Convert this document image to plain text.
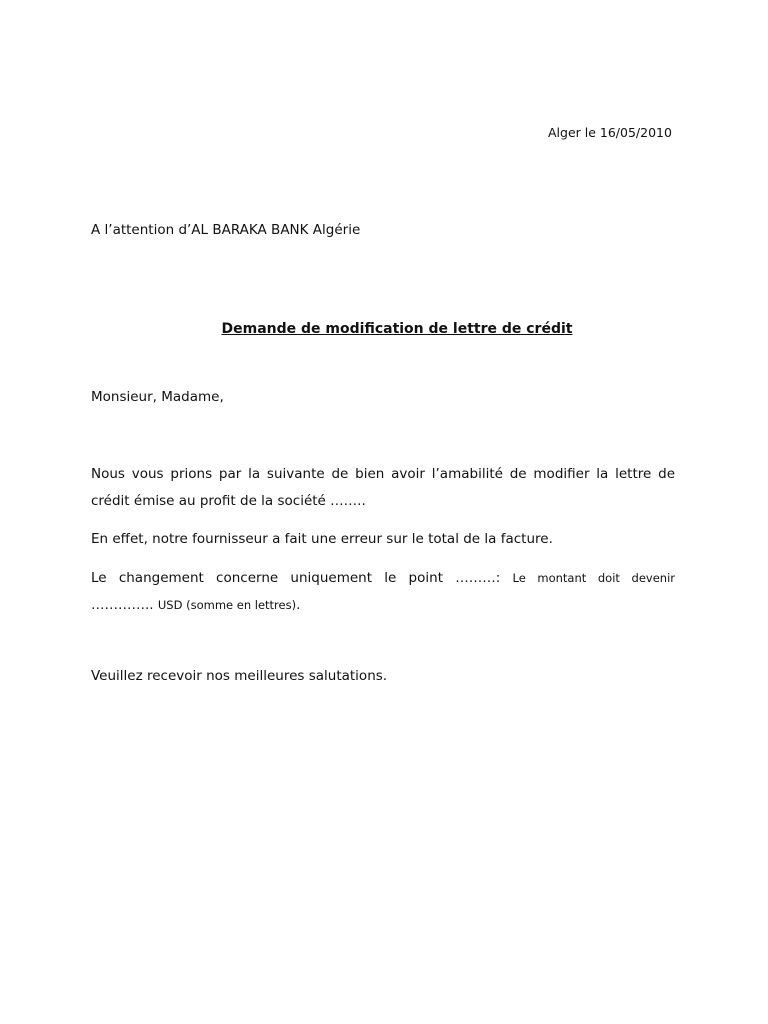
Alger le 16/05/2010
A l’attention d’AL BARAKA BANK Algérie
Demande de modification de lettre de crédit
Monsieur, Madame,
Nous vous prions par la suivante de bien avoir l’amabilité de modifier la lettre de crédit émise au profit de la société ……..
En effet, notre fournisseur a fait une erreur sur le total de la facture.
Le changement concerne uniquement le point ………: Le montant doit devenir
………….. USD (somme en lettres).
Veuillez recevoir nos meilleures salutations.
